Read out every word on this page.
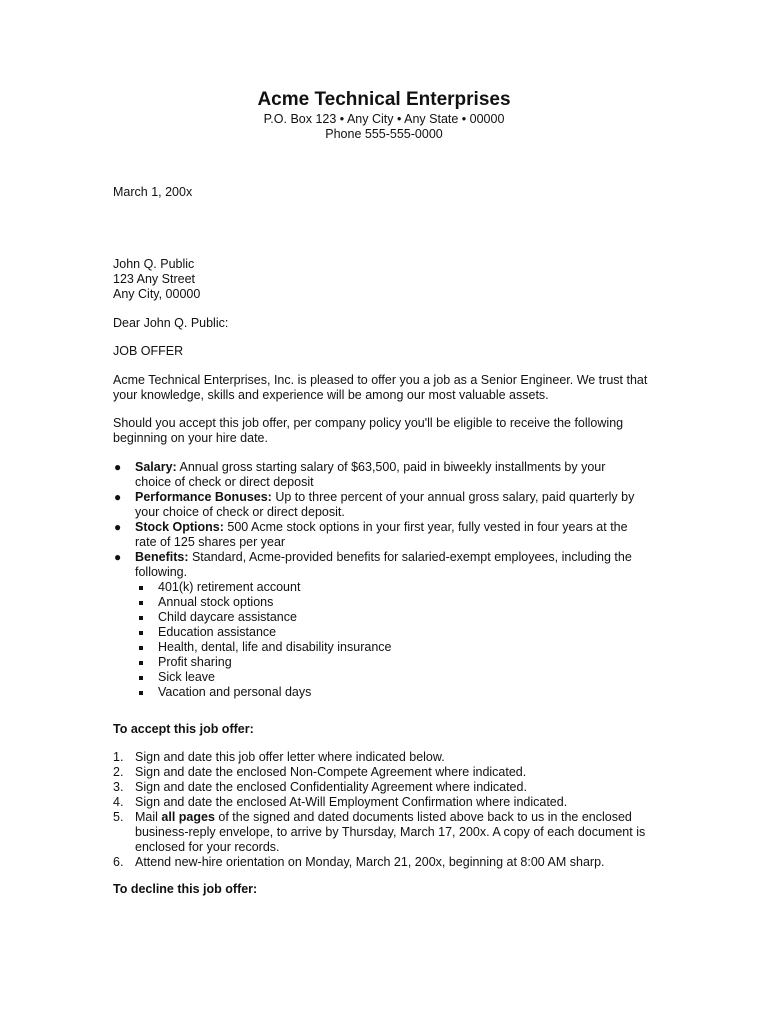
Acme Technical Enterprises

P.O. Box 123 • Any City • Any State • 00000

Phone 555-555-0000

March 1, 200x
John Q. Public
123 Any Street
Any City, 00000
Dear John Q. Public:
JOB OFFER
Acme Technical Enterprises, Inc. is pleased to offer you a job as a Senior Engineer. We trust that your knowledge, skills and experience will be among our most valuable assets.
Should you accept this job offer, per company policy you'll be eligible to receive the following beginning on your hire date.
● Salary: Annual gross starting salary of $63,500, paid in biweekly installments by your choice of check or direct deposit
● Performance Bonuses: Up to three percent of your annual gross salary, paid quarterly by your choice of check or direct deposit.
● Stock Options: 500 Acme stock options in your first year, fully vested in four years at the rate of 125 shares per year
● Benefits: Standard, Acme-provided benefits for salaried-exempt employees, including the following.
401(k) retirement account
Annual stock options
Child daycare assistance
Education assistance
Health, dental, life and disability insurance
Profit sharing
Sick leave
Vacation and personal days
To accept this job offer:
1. Sign and date this job offer letter where indicated below.
2. Sign and date the enclosed Non-Compete Agreement where indicated.
3. Sign and date the enclosed Confidentiality Agreement where indicated.
4. Sign and date the enclosed At-Will Employment Confirmation where indicated.
5. Mail all pages of the signed and dated documents listed above back to us in the enclosed business-reply envelope, to arrive by Thursday, March 17, 200x. A copy of each document is enclosed for your records.
6. Attend new-hire orientation on Monday, March 21, 200x, beginning at 8:00 AM sharp.
To decline this job offer:
